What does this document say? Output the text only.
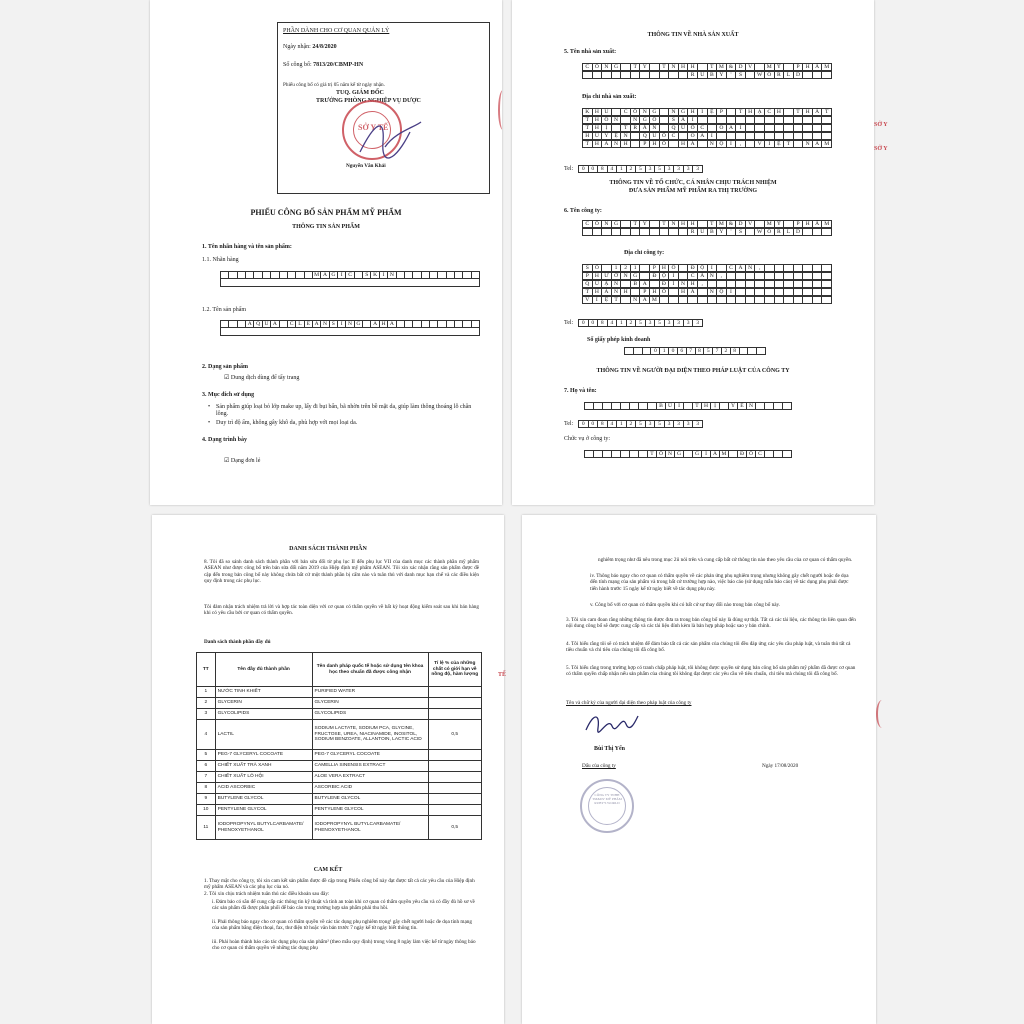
PHẦN DÀNH CHO CƠ QUAN QUẢN LÝ
Ngày nhận: 24/8/2020
Số công bố: 7813/20/CBMP-HN
Phiếu công bố có giá trị 05 năm kể từ ngày nhận.
TUQ. GIÁM ĐỐC
TRƯỞNG PHÒNG NGHIỆP VỤ DƯỢC
Nguyễn Văn Khải
SỞ Y TẾ
PHIẾU CÔNG BỐ SẢN PHẨM MỸ PHẨM
THÔNG TIN SẢN PHẨM
1. Tên nhãn hàng và tên sản phẩm:
1.1. Nhãn hàng
M A G I C	S K I N
1.2. Tên sản phẩm
A Q U A	C L E A N S	I N G	A H A
2. Dạng sản phẩm
☑ Dung dịch dùng để tẩy trang
3. Mục đích sử dụng
• Sản phẩm giúp loại bỏ lớp make up, lấy đi bụi bẩn, bã nhờn trên bề mặt da, giúp làm thông thoáng lỗ chân lông.
• Duy trì độ ẩm, không gây khô da, phù hợp với mọi loại da.
4. Dạng trình bày
☑ Dạng đơn lẻ
THÔNG TIN VỀ NHÀ SẢN XUẤT
5. Tên nhà sản xuất:
C	Ô N G	T	Y	T	N H H	T M & D V	M Ỹ	P	H Ẩ M
R	U	B	Y	'	S	W O	R	L	D
Địa chỉ nhà sản xuất:
K H U	C	Ô N G	N G H	I	Ệ	P	T	H Ạ	C	H	T	H Ấ	T
T	H Ô N	N G Ô	S	À	I
T	H	Ị	T	R	Ấ N	Q U Ố	C	O A	I
H U Y	Ệ	N	Q U Ố	C	O A	I
T	H À N H	P	H Ố	H À	N Ộ	I	,	V	I	Ệ	T	N A M
Tel:	0	0	8	4	1	2	5	3	5	3	3	3	3
THÔNG TIN VỀ TỔ CHỨC, CÁ NHÂN CHỊU TRÁCH NHIỆM
ĐƯA SẢN PHẨM MỸ PHẨM RA THỊ TRƯỜNG
6. Tên công ty:
C	Ô N G	T	Y	T	N H H	T M & D V	M Ỹ	P	H Ẩ M
R	U	B	Y	'	S	W O	R	L	D
Địa chỉ công ty:
S	Ố	1	2	1	P	H Ố	Đ Ộ	I	C	Ấ N	,
P	H Ư Ờ N G	Đ Ộ	I	C	Ấ N	,
Q U Ậ N	B	A	Đ	Ì	N H	,
T	H À N H	P	H Ố	H À	N Ộ	I
V	I	Ệ	T	N A M
Tel:	0	0	8	4	1	2	5	3	5	3	3	3	3
Số giấy phép kinh doanh
0	1	0	6	7	8	5	7	2	8
THÔNG TIN VỀ NGƯỜI ĐẠI DIỆN THEO PHÁP LUẬT CỦA CÔNG TY
7. Họ và tên:
B Ù	I	T H	Ị	Y Ế N
Tel:	0	0	8	4	1	2	5	3	5	3	3	3	3
Chức vụ ở công ty:
T Ổ N G	G	I	Á M	Đ Ố C
SỞ Y
SỞ Y
DANH SÁCH THÀNH PHẦN
8. Tôi đã so sánh danh sách thành phần với bản sửa đổi từ phụ lục II đến phụ lục VII của danh mục các thành phần mỹ phẩm ASEAN như được công bố trên bản sửa đổi năm 2019 của Hiệp định mỹ phẩm ASEAN. Tôi xin xác nhận rằng sản phẩm được đề cập đến trong bản công bố này không chứa bất cứ một thành phần bị cấm nào và tuân thủ với danh mục hạn chế và các điều kiện quy định trong các phụ lục.
Tôi đảm nhận trách nhiệm trả lời và hợp tác toàn diện với cơ quan có thẩm quyền về bất kỳ hoạt động kiểm soát sau khi bán hàng khi có yêu cầu bởi cơ quan có thẩm quyền.
Danh sách thành phần đầy đủ
TT	Tên đầy đủ thành phần	Tên danh pháp quốc tế hoặc sử dụng tên khoa học theo chuẩn đã được công nhận	Tỉ lệ % của những chất có giới hạn về nồng độ, hàm lượng
1	NƯỚC TINH KHIẾT	PURIFIED WATER	
2	GLYCERIN	GLYCERIN	
3	GLYCOLIPIDS	GLYCOLIPIDS	
4	LACTIL	SODIUM LACTATE, SODIUM PCA, GLYCINE, FRUCTOSE, UREA, NIACINAMIDE, INOSITOL, SODIUM BENZOATE, ALLANTOIN, LACTIC ACID	0,5
5	PEG-7 GLYCERYL COCOATE	PEG-7 GLYCERYL COCOATE	
6	CHIẾT XUẤT TRÀ XANH	CAMELLIA SINENSIS EXTRACT	
7	CHIẾT XUẤT LÔ HỘI	ALOE VERA EXTRACT	
8	ACID ASCORBIC	ASCORBIC ACID	
9	BUTYLENE GLYCOL	BUTYLENE GLYCOL	
10	PENTYLENE GLYCOL	PENTYLENE GLYCOL	
11	IODOPROPYNYL BUTYLCARBAMATE/ PHENOXYETHANOL	IODOPROPYNYL BUTYLCARBAMATE/ PHENOXYETHANOL	0,5
CAM KẾT
1. Thay mặt cho công ty, tôi xin cam kết sản phẩm được đề cập trong Phiếu công bố này đạt được tất cả các yêu cầu của Hiệp định mỹ phẩm ASEAN và các phụ lục của nó.
2. Tôi xin chịu trách nhiệm tuân thủ các điều khoản sau đây:
i. Đảm bảo có sẵn để cung cấp các thông tin kỹ thuật và tính an toàn khi cơ quan có thẩm quyền yêu cầu và có đầy đủ hồ sơ về các sản phẩm đã được phân phối để báo cáo trong trường hợp sản phẩm phải thu hồi.
ii. Phải thông báo ngay cho cơ quan có thẩm quyền về các tác dụng phụ nghiêm trọng¹ gây chết người hoặc đe dọa tính mạng của sản phẩm bằng điện thoại, fax, thư điện tử hoặc văn bản trước 7 ngày kể từ ngày biết thông tin.
iii. Phải hoàn thành báo cáo tác dụng phụ của sản phẩm² (theo mẫu quy định) trong vòng 8 ngày làm việc kể từ ngày thông báo cho cơ quan có thẩm quyền về những tác dụng phụ
TẾ
nghiêm trọng như đã nêu trong mục 2ii nói trên và cung cấp bất cứ thông tin nào theo yêu cầu của cơ quan có thẩm quyền.
iv. Thông báo ngay cho cơ quan có thẩm quyền về các phản ứng phụ nghiêm trọng nhưng không gây chết người hoặc đe dọa đến tính mạng của sản phẩm và trong bất cứ trường hợp nào, việc báo cáo (sử dụng mẫu báo cáo) về tác dụng phụ phải được tiến hành trước 15 ngày kể từ ngày biết về tác dụng phụ này.
v. Công bố với cơ quan có thẩm quyền khi có bất cứ sự thay đổi nào trong bản công bố này.
3. Tôi xin cam đoan rằng những thông tin được đưa ra trong bản công bố này là đúng sự thật. Tất cả các tài liệu, các thông tin liên quan đến nội dung công bố sẽ được cung cấp và các tài liệu đính kèm là bản hợp pháp hoặc sao y bản chính.
4. Tôi hiểu rằng tôi sẽ có trách nhiệm để đảm bảo tất cả các sản phẩm của chúng tôi đều đáp ứng các yêu cầu pháp luật, và tuân thủ tất cả tiêu chuẩn và chỉ tiêu của chúng tôi đã công bố.
5. Tôi hiểu rằng trong trường hợp có tranh chấp pháp luật, tôi không được quyền sử dụng bản công bố sản phẩm mỹ phẩm đã được cơ quan có thẩm quyền chấp nhận nếu sản phẩm của chúng tôi không đạt được các yêu cầu về tiêu chuẩn, chỉ tiêu mà chúng tôi đã công bố.
Tên và chữ ký của người đại diện theo pháp luật của công ty
Bùi Thị Yến
Dấu của công ty	Ngày 17/08/2020
CÔNG TY TNHH TM&DV MỸ PHẨM RUBY'S WORLD
